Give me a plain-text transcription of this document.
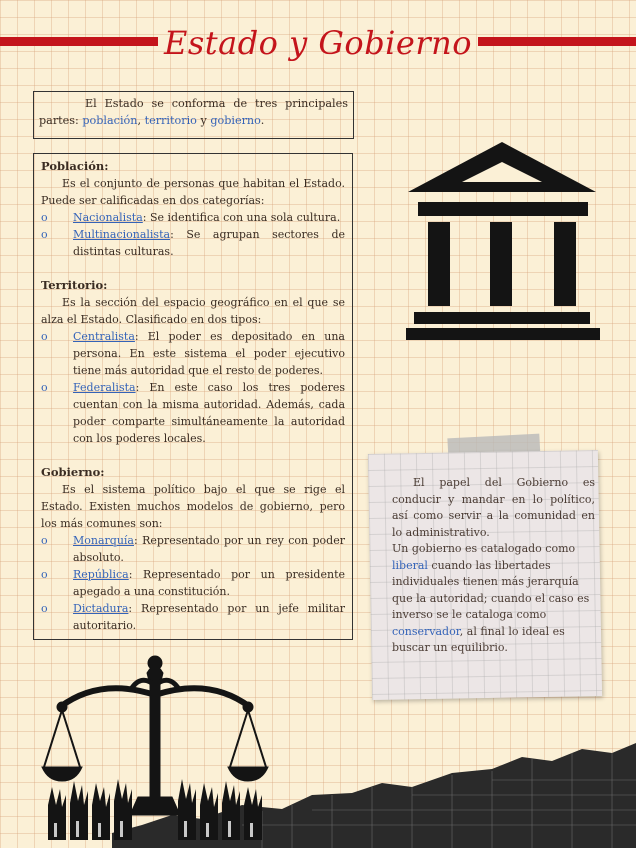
Estado y Gobierno
El Estado se conforma de tres principales partes: población, territorio y gobierno.
Población:
Es el conjunto de personas que habitan el Estado. Puede ser calificadas en dos categorías:
o Nacionalista: Se identifica con una sola cultura.
o Multinacionalista: Se agrupan sectores de distintas culturas.
Territorio:
Es la sección del espacio geográfico en el que se alza el Estado. Clasificado en dos tipos:
o Centralista: El poder es depositado en una persona. En este sistema el poder ejecutivo tiene más autoridad que el resto de poderes.
o Federalista: En este caso los tres poderes cuentan con la misma autoridad. Además, cada poder comparte simultáneamente la autoridad con los poderes locales.
Gobierno:
Es el sistema político bajo el que se rige el Estado. Existen muchos modelos de gobierno, pero los más comunes son:
o Monarquía: Representado por un rey con poder absoluto.
o República: Representado por un presidente apegado a una constitución.
o Dictadura: Representado por un jefe militar autoritario.

El papel del Gobierno es conducir y mandar en lo político, así como servir a la comunidad en lo administrativo.

Un gobierno es catalogado como liberal cuando las libertades individuales tienen más jerarquía que la autoridad; cuando el caso es inverso se le cataloga como conservador, al final lo ideal es buscar un equilibrio.
